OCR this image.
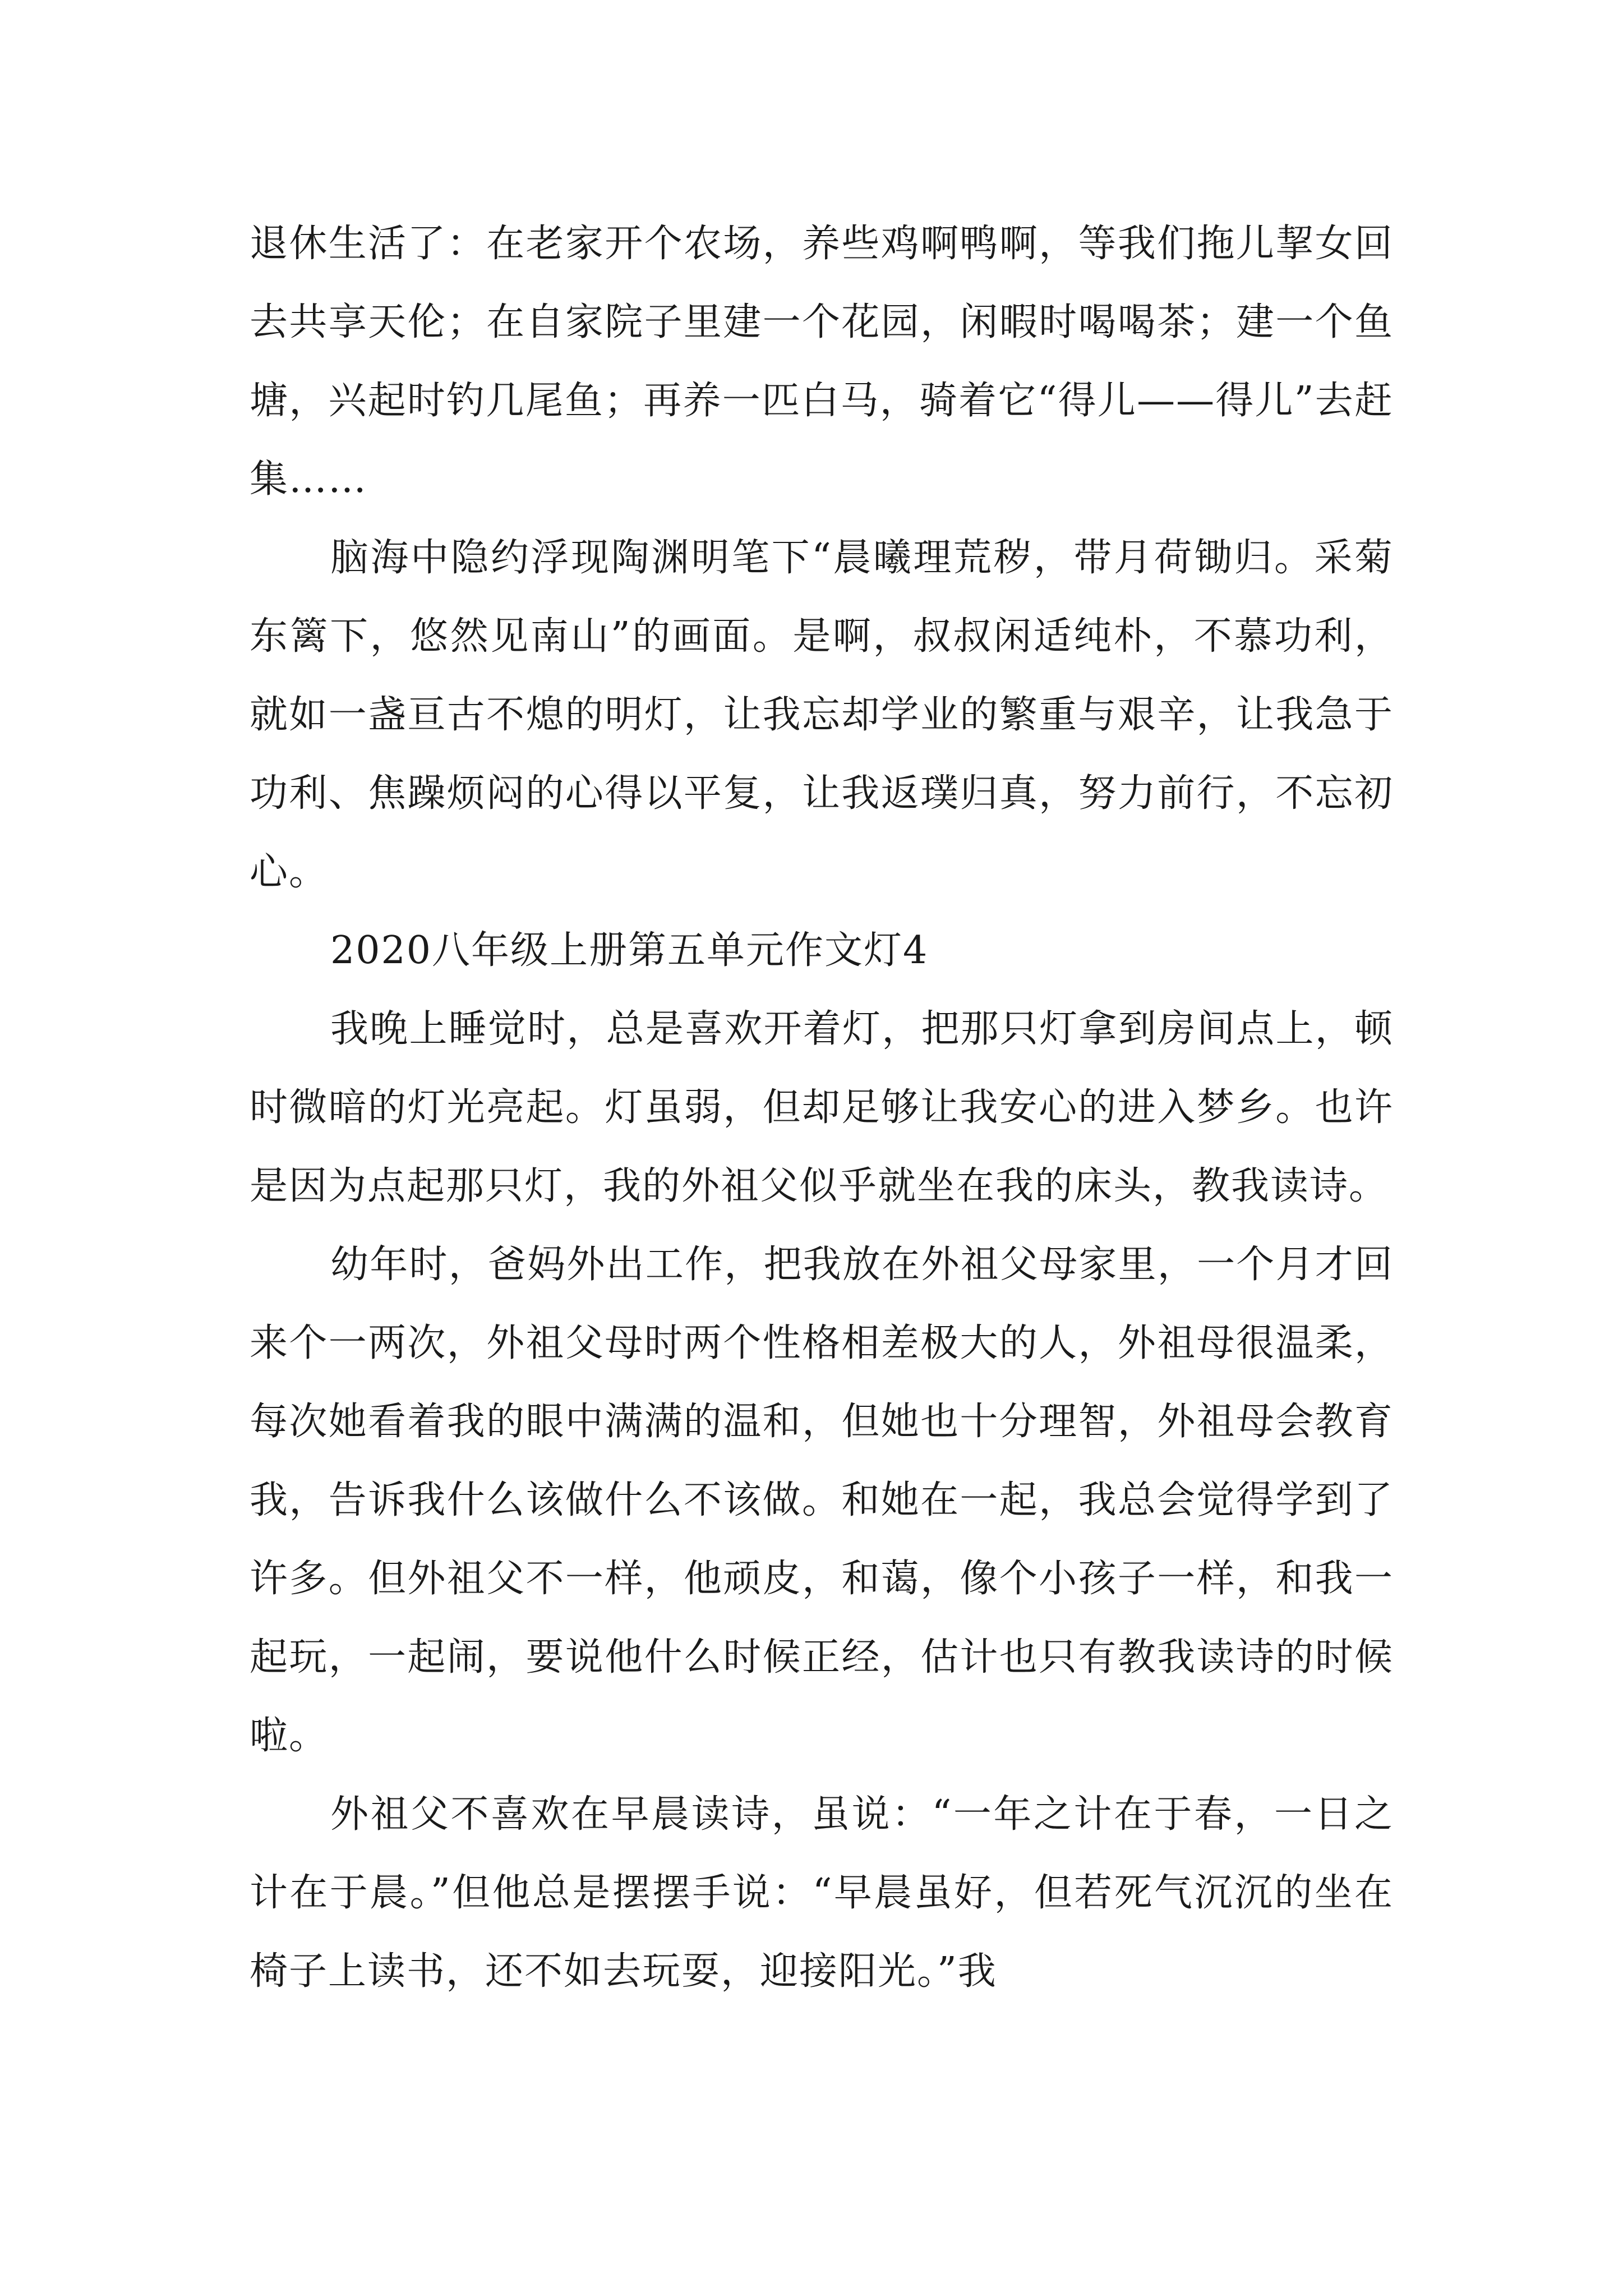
退休生活了：在老家开个农场，养些鸡啊鸭啊，等我们拖儿挈女回去共享天伦；在自家院子里建一个花园，闲暇时喝喝茶；建一个鱼塘，兴起时钓几尾鱼；再养一匹白马，骑着它“得儿——得儿”去赶集……

脑海中隐约浮现陶渊明笔下“晨曦理荒秽，带月荷锄归。采菊东篱下，悠然见南山”的画面。是啊，叔叔闲适纯朴，不慕功利，就如一盏亘古不熄的明灯，让我忘却学业的繁重与艰辛，让我急于功利、焦躁烦闷的心得以平复，让我返璞归真，努力前行，不忘初心。

2020八年级上册第五单元作文灯4

我晚上睡觉时，总是喜欢开着灯，把那只灯拿到房间点上，顿时微暗的灯光亮起。灯虽弱，但却足够让我安心的进入梦乡。也许是因为点起那只灯，我的外祖父似乎就坐在我的床头，教我读诗。

幼年时，爸妈外出工作，把我放在外祖父母家里，一个月才回来个一两次，外祖父母时两个性格相差极大的人，外祖母很温柔，每次她看着我的眼中满满的温和，但她也十分理智，外祖母会教育我，告诉我什么该做什么不该做。和她在一起，我总会觉得学到了许多。但外祖父不一样，他顽皮，和蔼，像个小孩子一样，和我一起玩，一起闹，要说他什么时候正经，估计也只有教我读诗的时候啦。

外祖父不喜欢在早晨读诗，虽说：“一年之计在于春，一日之计在于晨。”但他总是摆摆手说：“早晨虽好，但若死气沉沉的坐在椅子上读书，还不如去玩耍，迎接阳光。”我
